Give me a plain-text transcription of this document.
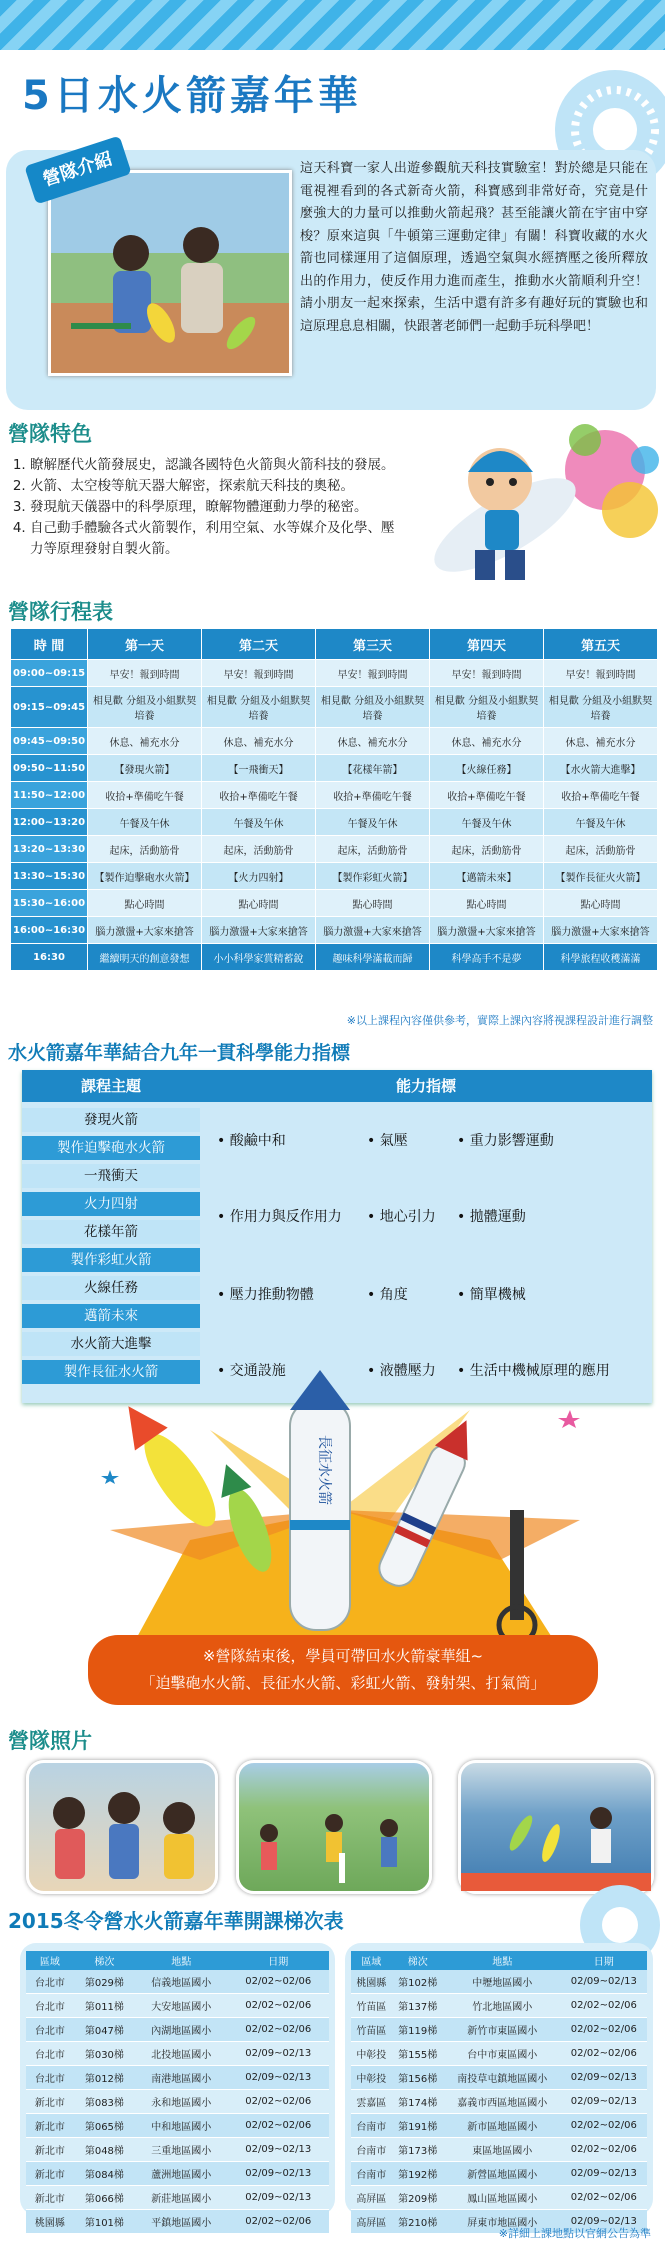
5日水火箭嘉年華
營隊介紹	這天科寶一家人出遊參觀航天科技實驗室！對於總是只能在電視裡看到的各式新奇火箭，科寶感到非常好奇，究竟是什麼強大的力量可以推動火箭起飛？甚至能讓火箭在宇宙中穿梭？原來這與「牛頓第三運動定律」有關！科寶收藏的水火箭也同樣運用了這個原理，透過空氣與水經擠壓之後所釋放出的作用力，使反作用力進而產生，推動水火箭順利升空！請小朋友一起來探索，生活中還有許多有趣好玩的實驗也和這原理息息相關，快跟著老師們一起動手玩科學吧！
營隊特色
1. 瞭解歷代火箭發展史，認識各國特色火箭與火箭科技的發展。
2. 火箭、太空梭等航天器大解密，探索航天科技的奧秘。
3. 發現航天儀器中的科學原理，瞭解物體運動力學的秘密。
4. 自己動手體驗各式火箭製作，利用空氣、水等媒介及化學、壓力等原理發射自製火箭。
營隊行程表
時 間	第一天	第二天	第三天	第四天	第五天
09:00~09:15	早安！報到時間	早安！報到時間	早安！報到時間	早安！報到時間	早安！報到時間
09:15~09:45	相見歡 分組及小組默契培養	相見歡 分組及小組默契培養	相見歡 分組及小組默契培養	相見歡 分組及小組默契培養	相見歡 分組及小組默契培養
09:45~09:50	休息、補充水分	休息、補充水分	休息、補充水分	休息、補充水分	休息、補充水分
09:50~11:50	【發現火箭】	【一飛衝天】	【花樣年箭】	【火線任務】	【水火箭大進擊】
11:50~12:00	收拾+準備吃午餐	收拾+準備吃午餐	收拾+準備吃午餐	收拾+準備吃午餐	收拾+準備吃午餐
12:00~13:20	午餐及午休	午餐及午休	午餐及午休	午餐及午休	午餐及午休
13:20~13:30	起床，活動筋骨	起床，活動筋骨	起床，活動筋骨	起床，活動筋骨	起床，活動筋骨
13:30~15:30	【製作迫擊砲水火箭】	【火力四射】	【製作彩虹火箭】	【邁箭未來】	【製作長征火火箭】
15:30~16:00	點心時間	點心時間	點心時間	點心時間	點心時間
16:00~16:30	腦力激盪+大家來搶答	腦力激盪+大家來搶答	腦力激盪+大家來搶答	腦力激盪+大家來搶答	腦力激盪+大家來搶答
16:30	繼續明天的創意發想	小小科學家賞精蓄銳	趣味科學滿載而歸	科學高手不是夢	科學旅程收穫滿滿
※以上課程內容僅供參考，實際上課內容將視課程設計進行調整
水火箭嘉年華結合九年一貫科學能力指標
課程主題	能力指標
發現火箭
製作迫擊砲水火箭
一飛衝天
火力四射
花樣年箭
製作彩虹火箭
火線任務
邁箭未來
水火箭大進擊
製作長征水火箭
• 酸鹼中和	• 氣壓	• 重力影響運動
• 作用力與反作用力 • 地心引力 • 拋體運動
• 壓力推動物體	• 角度	• 簡單機械
• 交通設施	• 液體壓力 • 生活中機械原理的應用
長征水火箭
※營隊結束後，學員可帶回水火箭豪華組~
「迫擊砲水火箭、長征水火箭、彩虹火箭、發射架、打氣筒」
營隊照片
2015冬令營水火箭嘉年華開課梯次表
區域	梯次	地點	日期
台北市	第029梯	信義地區國小	02/02~02/06
台北市	第011梯	大安地區國小	02/02~02/06
台北市	第047梯	內湖地區國小	02/02~02/06
台北市	第030梯	北投地區國小	02/09~02/13
台北市	第012梯	南港地區國小	02/09~02/13
新北市	第083梯	永和地區國小	02/02~02/06
新北市	第065梯	中和地區國小	02/02~02/06
新北市	第048梯	三重地區國小	02/09~02/13
新北市	第084梯	蘆洲地區國小	02/09~02/13
新北市	第066梯	新莊地區國小	02/09~02/13
桃園縣	第101梯	平鎮地區國小	02/02~02/06
區域	梯次	地點	日期
桃園縣	第102梯	中壢地區國小	02/09~02/13
竹苗區	第137梯	竹北地區國小	02/02~02/06
竹苗區	第119梯	新竹市東區國小	02/02~02/06
中彰投	第155梯	台中市東區國小	02/02~02/06
中彰投	第156梯	南投草屯鎮地區國小	02/09~02/13
雲嘉區	第174梯	嘉義市西區地區國小	02/09~02/13
台南市	第191梯	新市區地區國小	02/02~02/06
台南市	第173梯	東區地區國小	02/02~02/06
台南市	第192梯	新營區地區國小	02/09~02/13
高屏區	第209梯	鳳山區地區國小	02/02~02/06
高屏區	第210梯	屏東市地區國小	02/09~02/13
※詳細上課地點以官網公告為準
